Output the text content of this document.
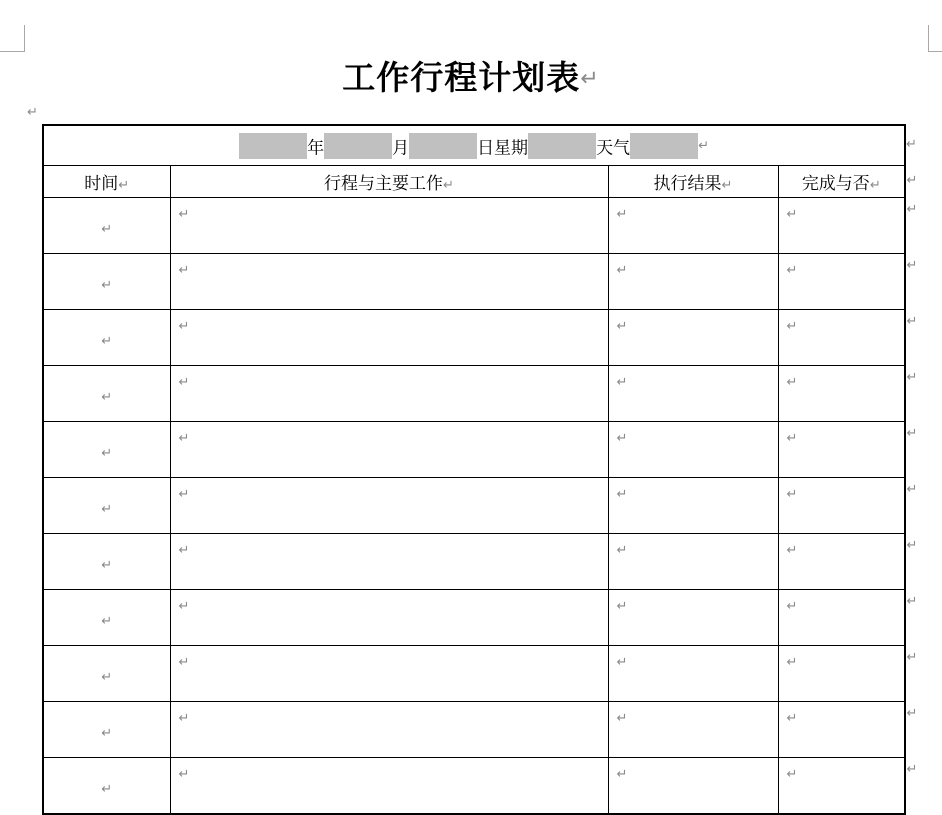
工作行程计划表↵
↵
年 月 日星期 天气 ↵ ↵			

时间↵	行程与主要工作↵	执行结果↵	完成与否↵ ↵

↵	↵	↵	↵ ↵

↵	↵	↵	↵ ↵

↵	↵	↵	↵ ↵

↵	↵	↵	↵ ↵

↵	↵	↵	↵ ↵

↵	↵	↵	↵ ↵

↵	↵	↵	↵ ↵

↵	↵	↵	↵ ↵

↵	↵	↵	↵ ↵

↵	↵	↵	↵ ↵

↵	↵	↵	↵ ↵
